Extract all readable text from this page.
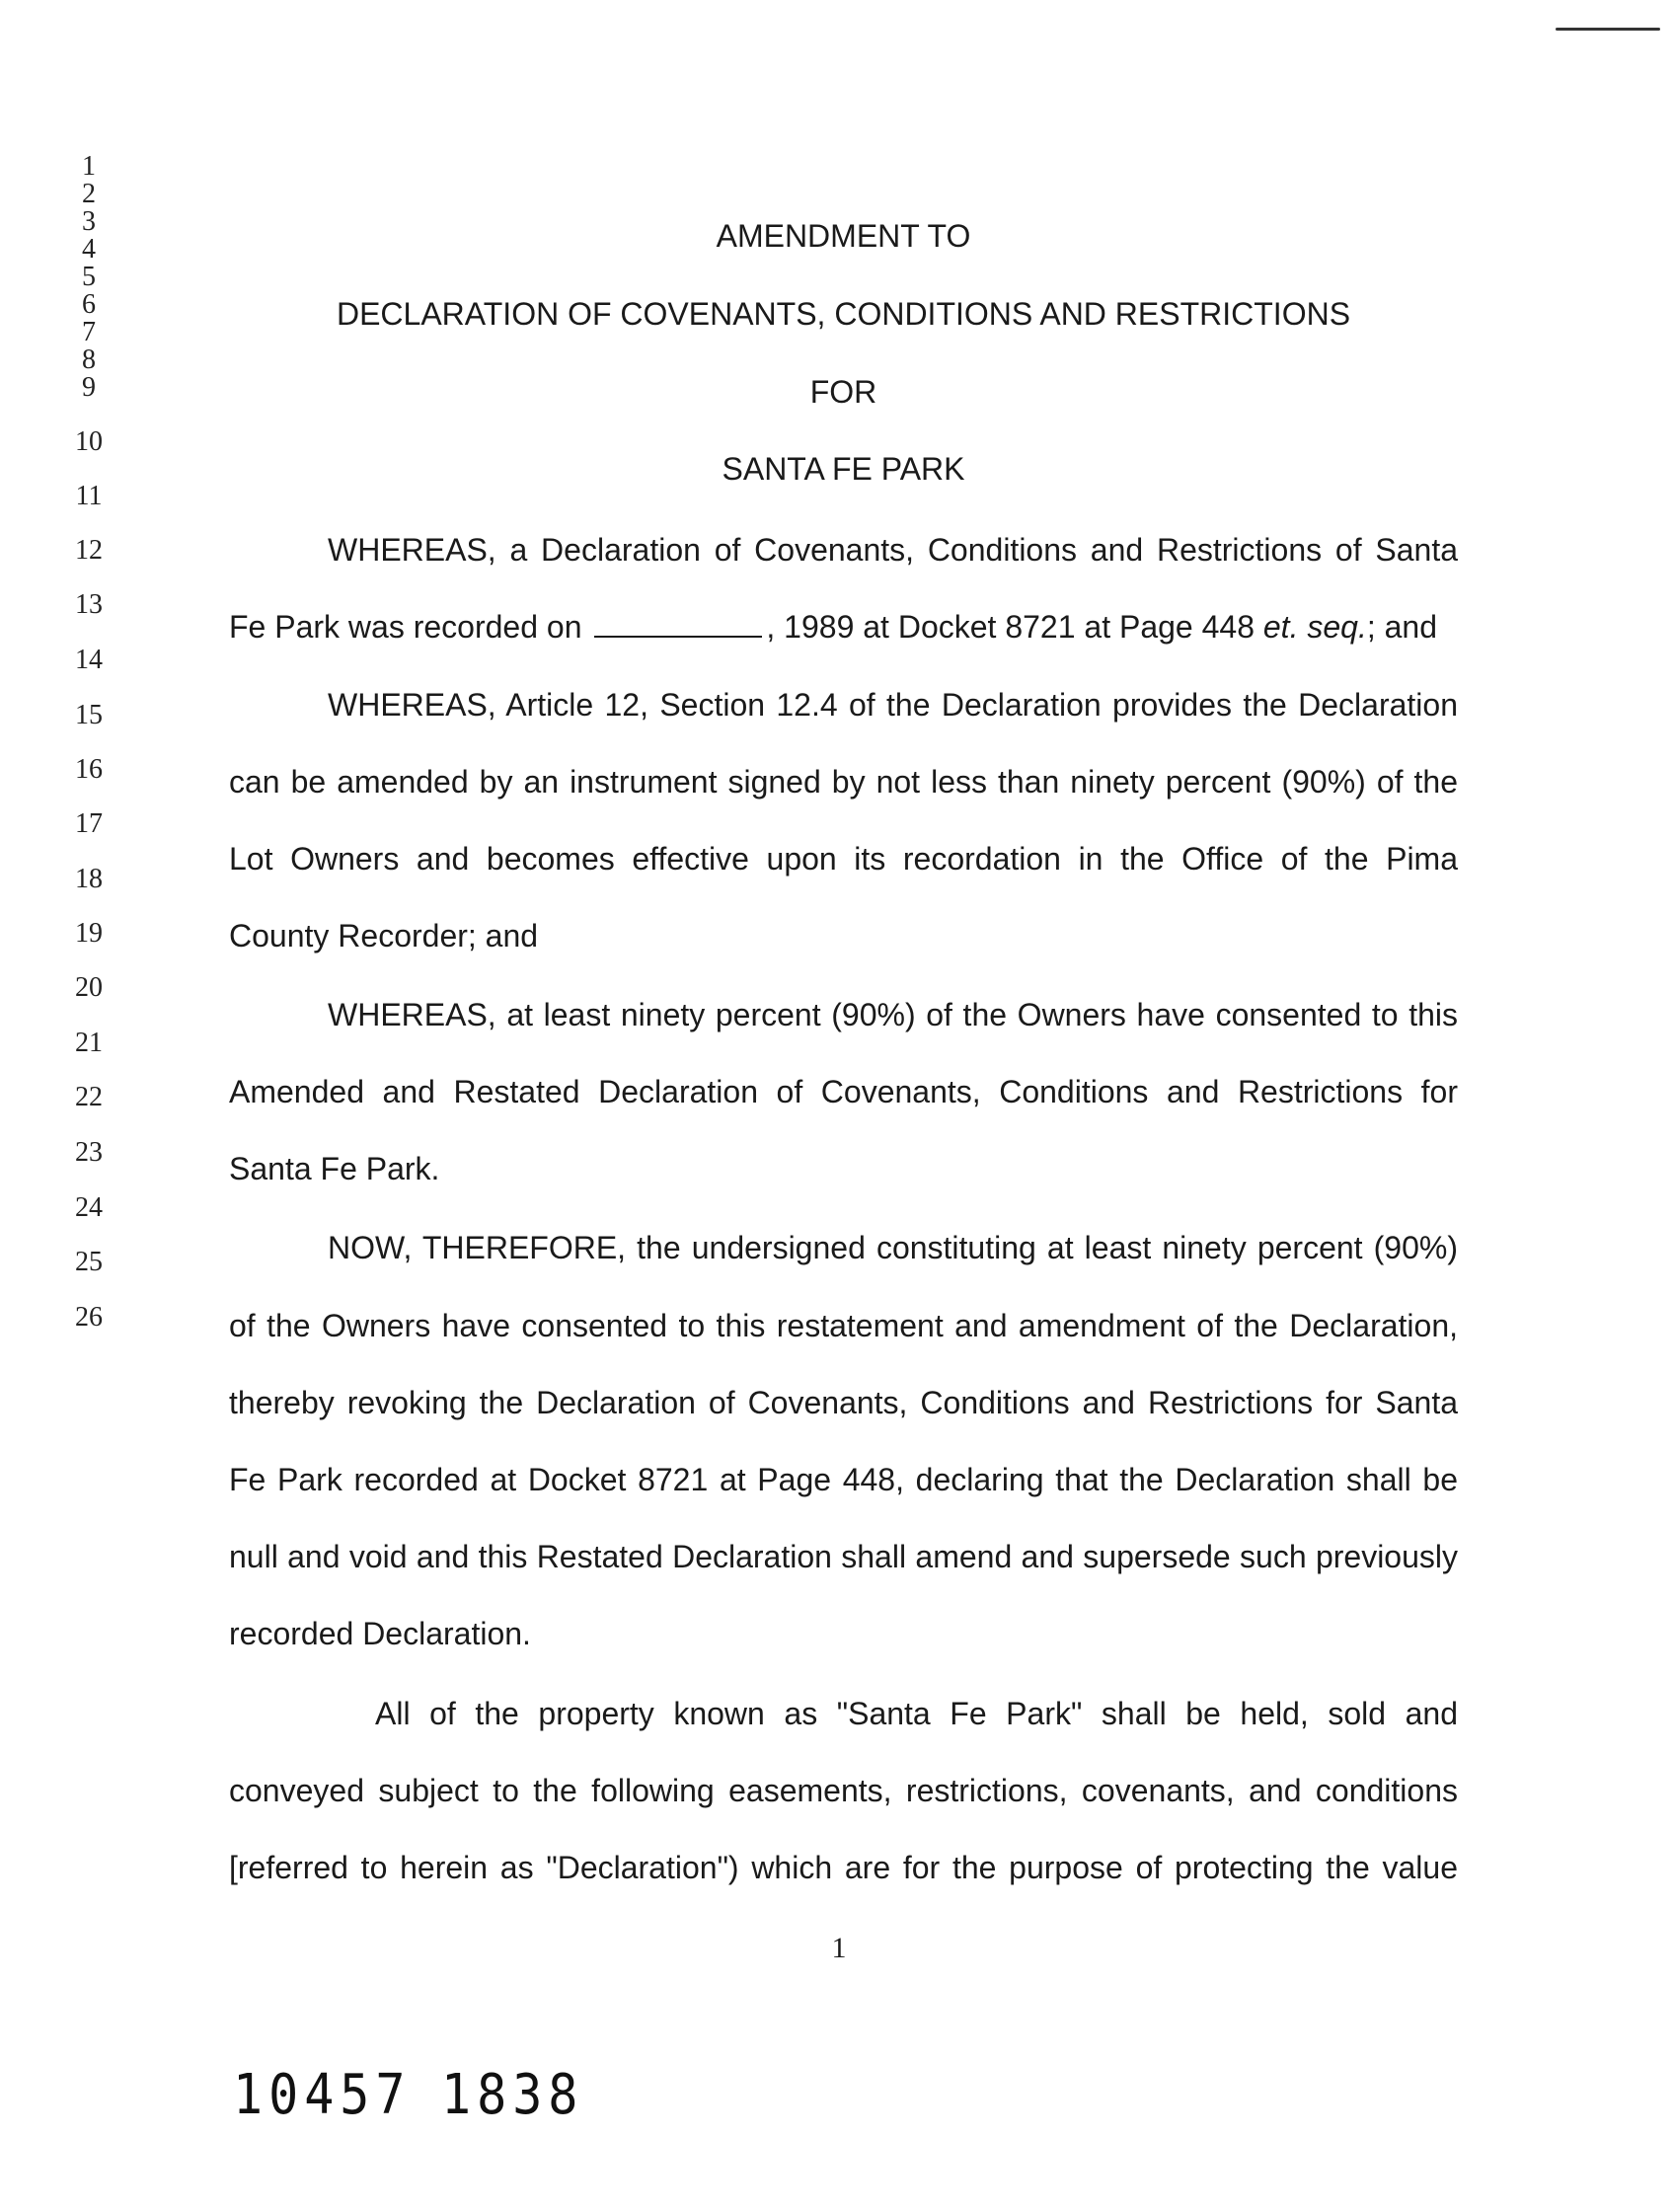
1
2
3
4
5
6
7
8
9
10
11
12
13
14
15
16
17
18
19
20
21
22
23
24
25
26
AMENDMENT TO
DECLARATION OF COVENANTS, CONDITIONS AND RESTRICTIONS
FOR
SANTA FE PARK
WHEREAS, a Declaration of Covenants, Conditions and Restrictions of Santa
Fe Park was recorded on	, 1989 at Docket 8721 at Page 448 et. seq.; and
WHEREAS, Article 12, Section 12.4 of the Declaration provides the Declaration
can be amended by an instrument signed by not less than ninety percent (90%) of the
Lot Owners and becomes effective upon its recordation in the Office of the Pima
County Recorder; and
WHEREAS, at least ninety percent (90%) of the Owners have consented to this
Amended and Restated Declaration of Covenants, Conditions and Restrictions for
Santa Fe Park.
NOW, THEREFORE, the undersigned constituting at least ninety percent (90%)
of the Owners have consented to this restatement and amendment of the Declaration,
thereby revoking the Declaration of Covenants, Conditions and Restrictions for Santa
Fe Park recorded at Docket 8721 at Page 448, declaring that the Declaration shall be
null and void and this Restated Declaration shall amend and supersede such previously
recorded Declaration.
All of the property known as "Santa Fe Park" shall be held, sold and
conveyed subject to the following easements, restrictions, covenants, and conditions
[referred to herein as "Declaration") which are for the purpose of protecting the value
1
10457 1838
